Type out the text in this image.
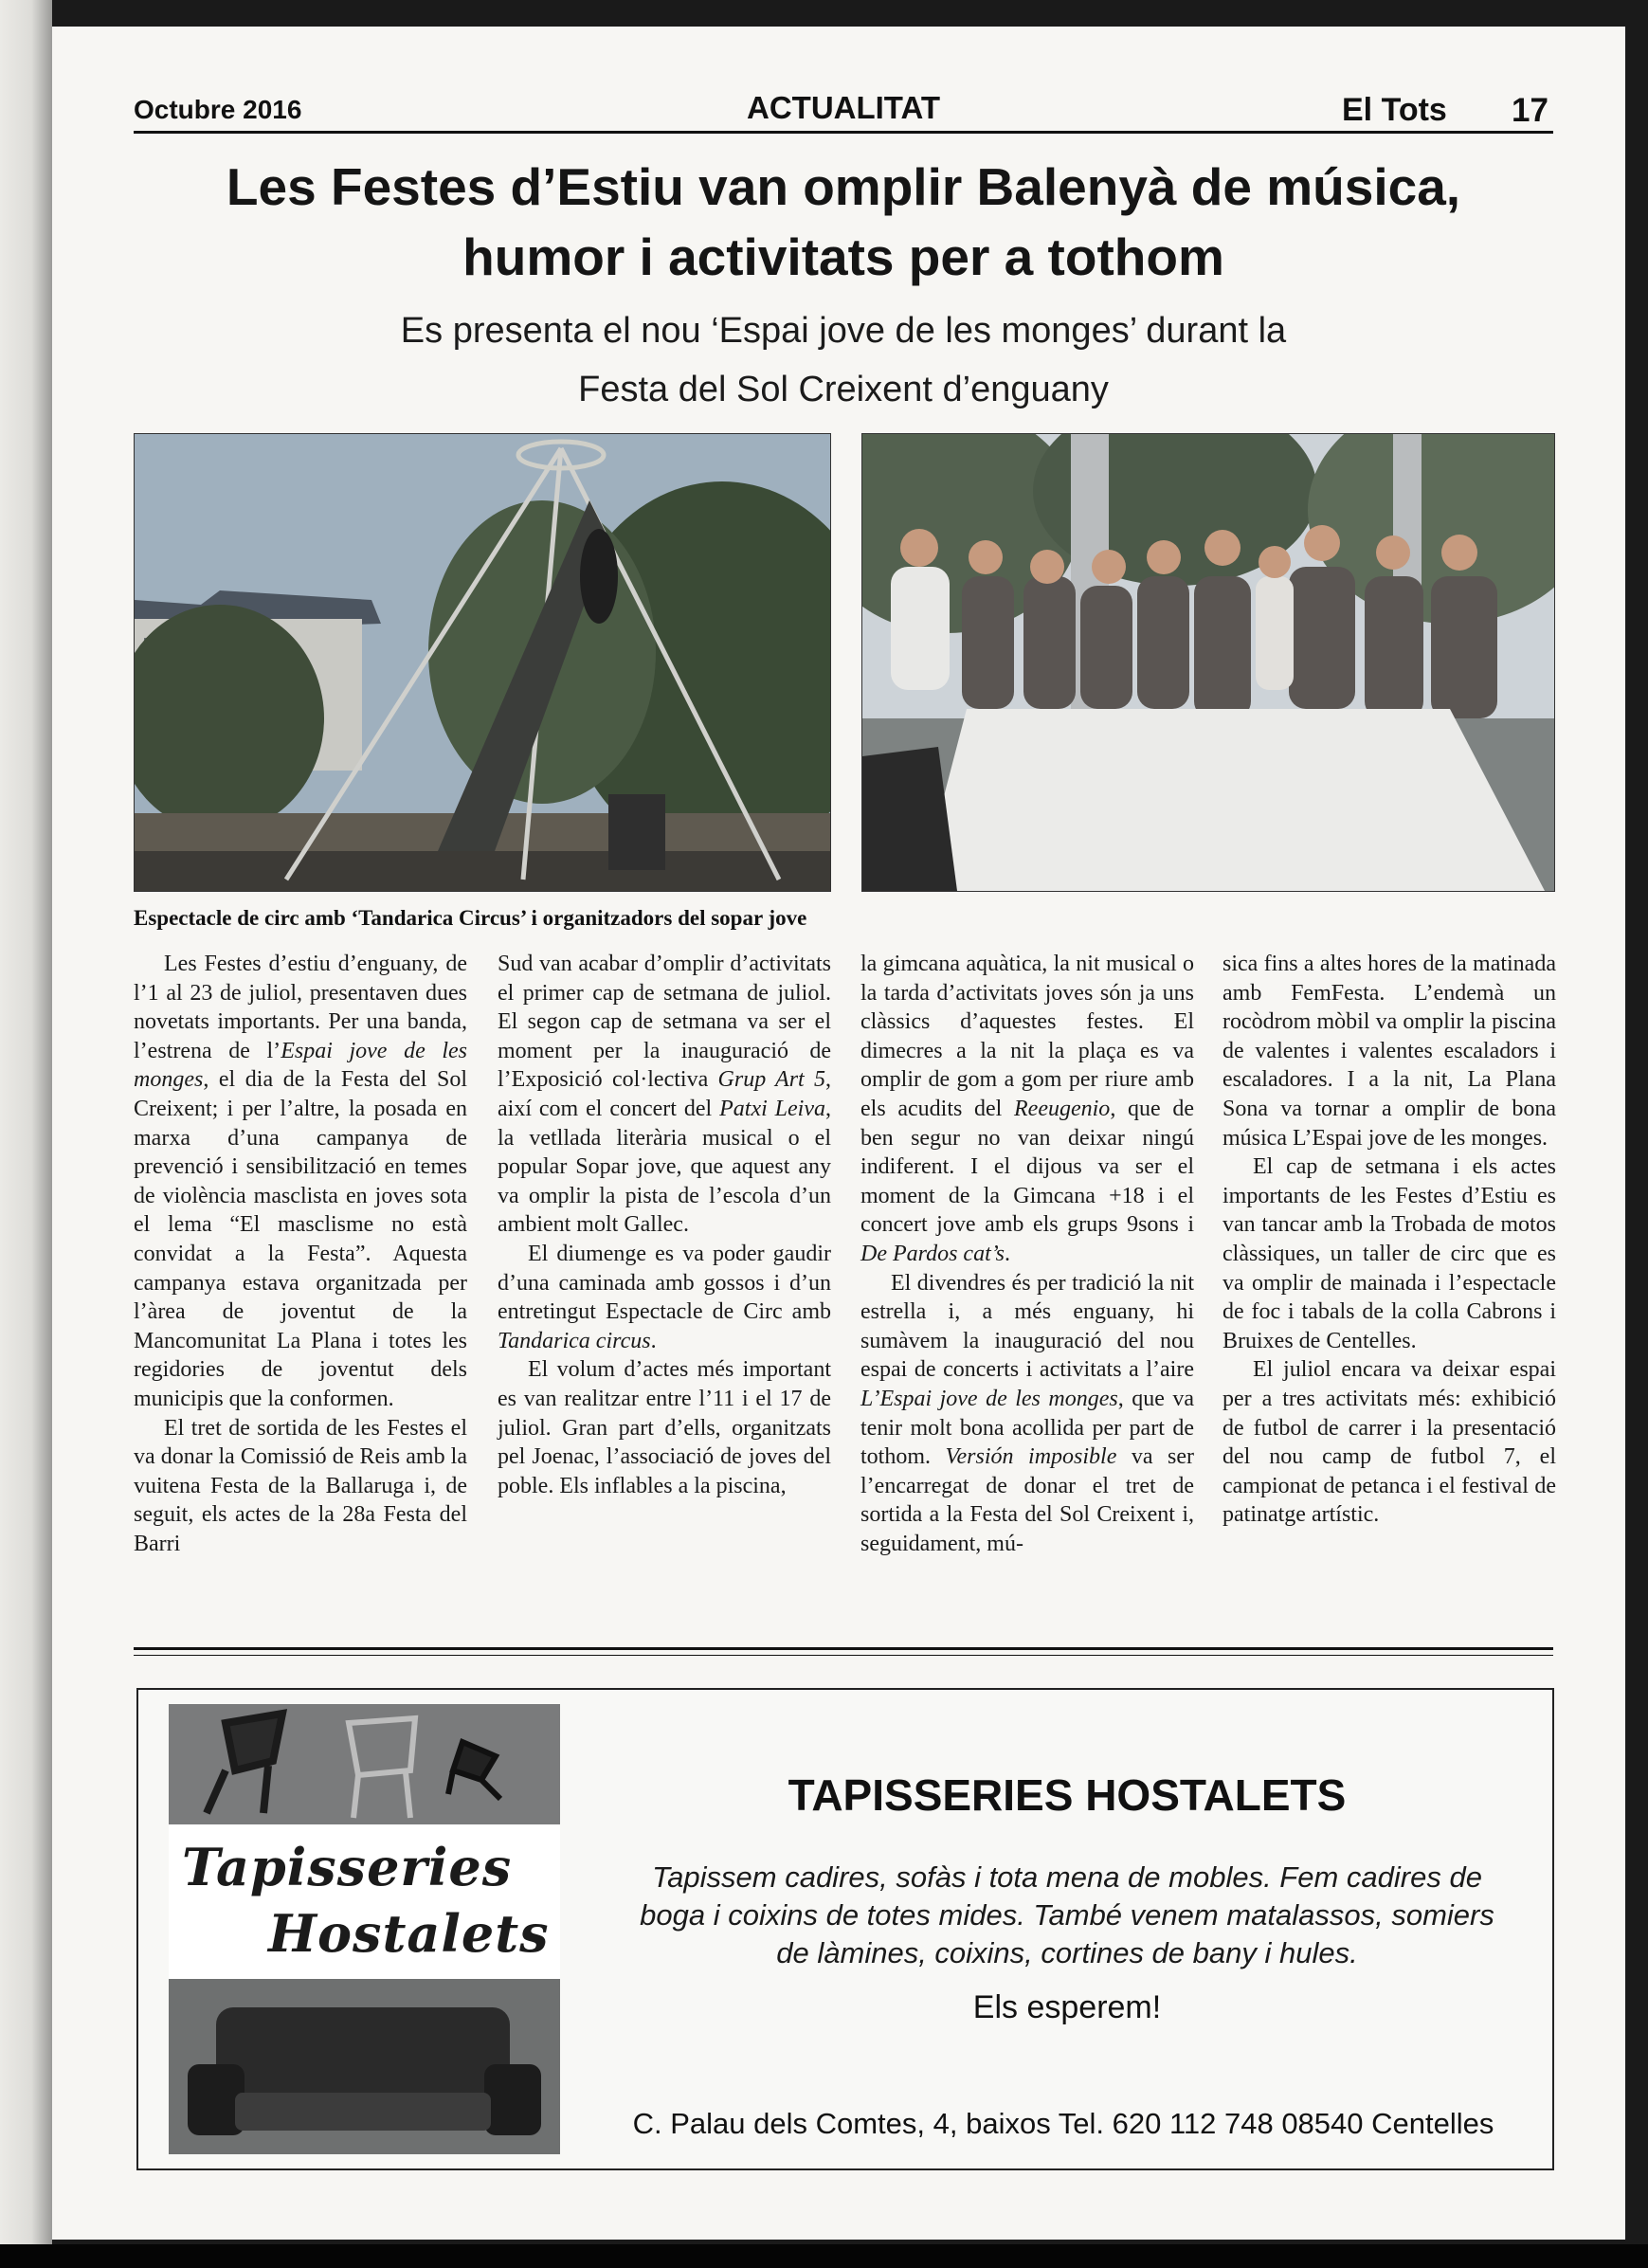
Octubre 2016	ACTUALITAT	El Tots 17
Les Festes d’Estiu van omplir Balenyà de música,
humor i activitats per a tothom
Es presenta el nou ‘Espai jove de les monges’ durant la
Festa del Sol Creixent d’enguany
Espectacle de circ amb ‘Tandarica Circus’ i organitzadors del sopar jove

Les Festes d’estiu d’enguany, de l’1 al 23 de juliol, presentaven dues novetats importants. Per una banda, l’estrena de l’Espai jove de les monges, el dia de la Festa del Sol Creixent; i per l’altre, la posada en marxa d’una campanya de prevenció i sensibilització en temes de violència masclista en joves sota el lema “El masclisme no està convidat a la Festa”. Aquesta campanya estava organitzada per l’àrea de joventut de la Mancomunitat La Plana i totes les regidories de joventut dels municipis que la conformen.

El tret de sortida de les Festes el va donar la Comissió de Reis amb la vuitena Festa de la Ballaruga i, de seguit, els actes de la 28a Festa del Barri

Sud van acabar d’omplir d’activitats el primer cap de setmana de juliol. El segon cap de setmana va ser el moment per la inauguració de l’Exposició col·lectiva Grup Art 5, així com el concert del Patxi Leiva, la vetllada literària musical o el popular Sopar jove, que aquest any va omplir la pista de l’escola d’un ambient molt Gallec.

El diumenge es va poder gaudir d’una caminada amb gossos i d’un entretingut Espectacle de Circ amb Tandarica circus.

El volum d’actes més important es van realitzar entre l’11 i el 17 de juliol. Gran part d’ells, organitzats pel Joenac, l’associació de joves del poble. Els inflables a la piscina,

la gimcana aquàtica, la nit musical o la tarda d’activitats joves són ja uns clàssics d’aquestes festes. El dimecres a la nit la plaça es va omplir de gom a gom per riure amb els acudits del Reeugenio, que de ben segur no van deixar ningú indiferent. I el dijous va ser el moment de la Gimcana +18 i el concert jove amb els grups 9sons i De Pardos cat’s.

El divendres és per tradició la nit estrella i, a més enguany, hi sumàvem la inauguració del nou espai de concerts i activitats a l’aire L’Espai jove de les monges, que va tenir molt bona acollida per part de tothom. Versión imposible va ser l’encarregat de donar el tret de sortida a la Festa del Sol Creixent i, seguidament, mú-

sica fins a altes hores de la matinada amb FemFesta. L’endemà un rocòdrom mòbil va omplir la piscina de valentes i valentes escaladors i escaladores. I a la nit, La Plana Sona va tornar a omplir de bona música L’Espai jove de les monges.

El cap de setmana i els actes importants de les Festes d’Estiu es van tancar amb la Trobada de motos clàssiques, un taller de circ que es va omplir de mainada i l’espectacle de foc i tabals de la colla Cabrons i Bruixes de Centelles.

El juliol encara va deixar espai per a tres activitats més: exhibició de futbol de carrer i la presentació del nou camp de futbol 7, el campionat de petanca i el festival de patinatge artístic.

Tapisseries
Hostalets
TAPISSERIES HOSTALETS
Tapissem cadires, sofàs i tota mena de mobles. Fem cadires de
boga i coixins de totes mides. També venem matalassos, somiers
de làmines, coixins, cortines de bany i hules.
Els esperem!
C. Palau dels Comtes, 4, baixos Tel. 620 112 748 08540 Centelles
